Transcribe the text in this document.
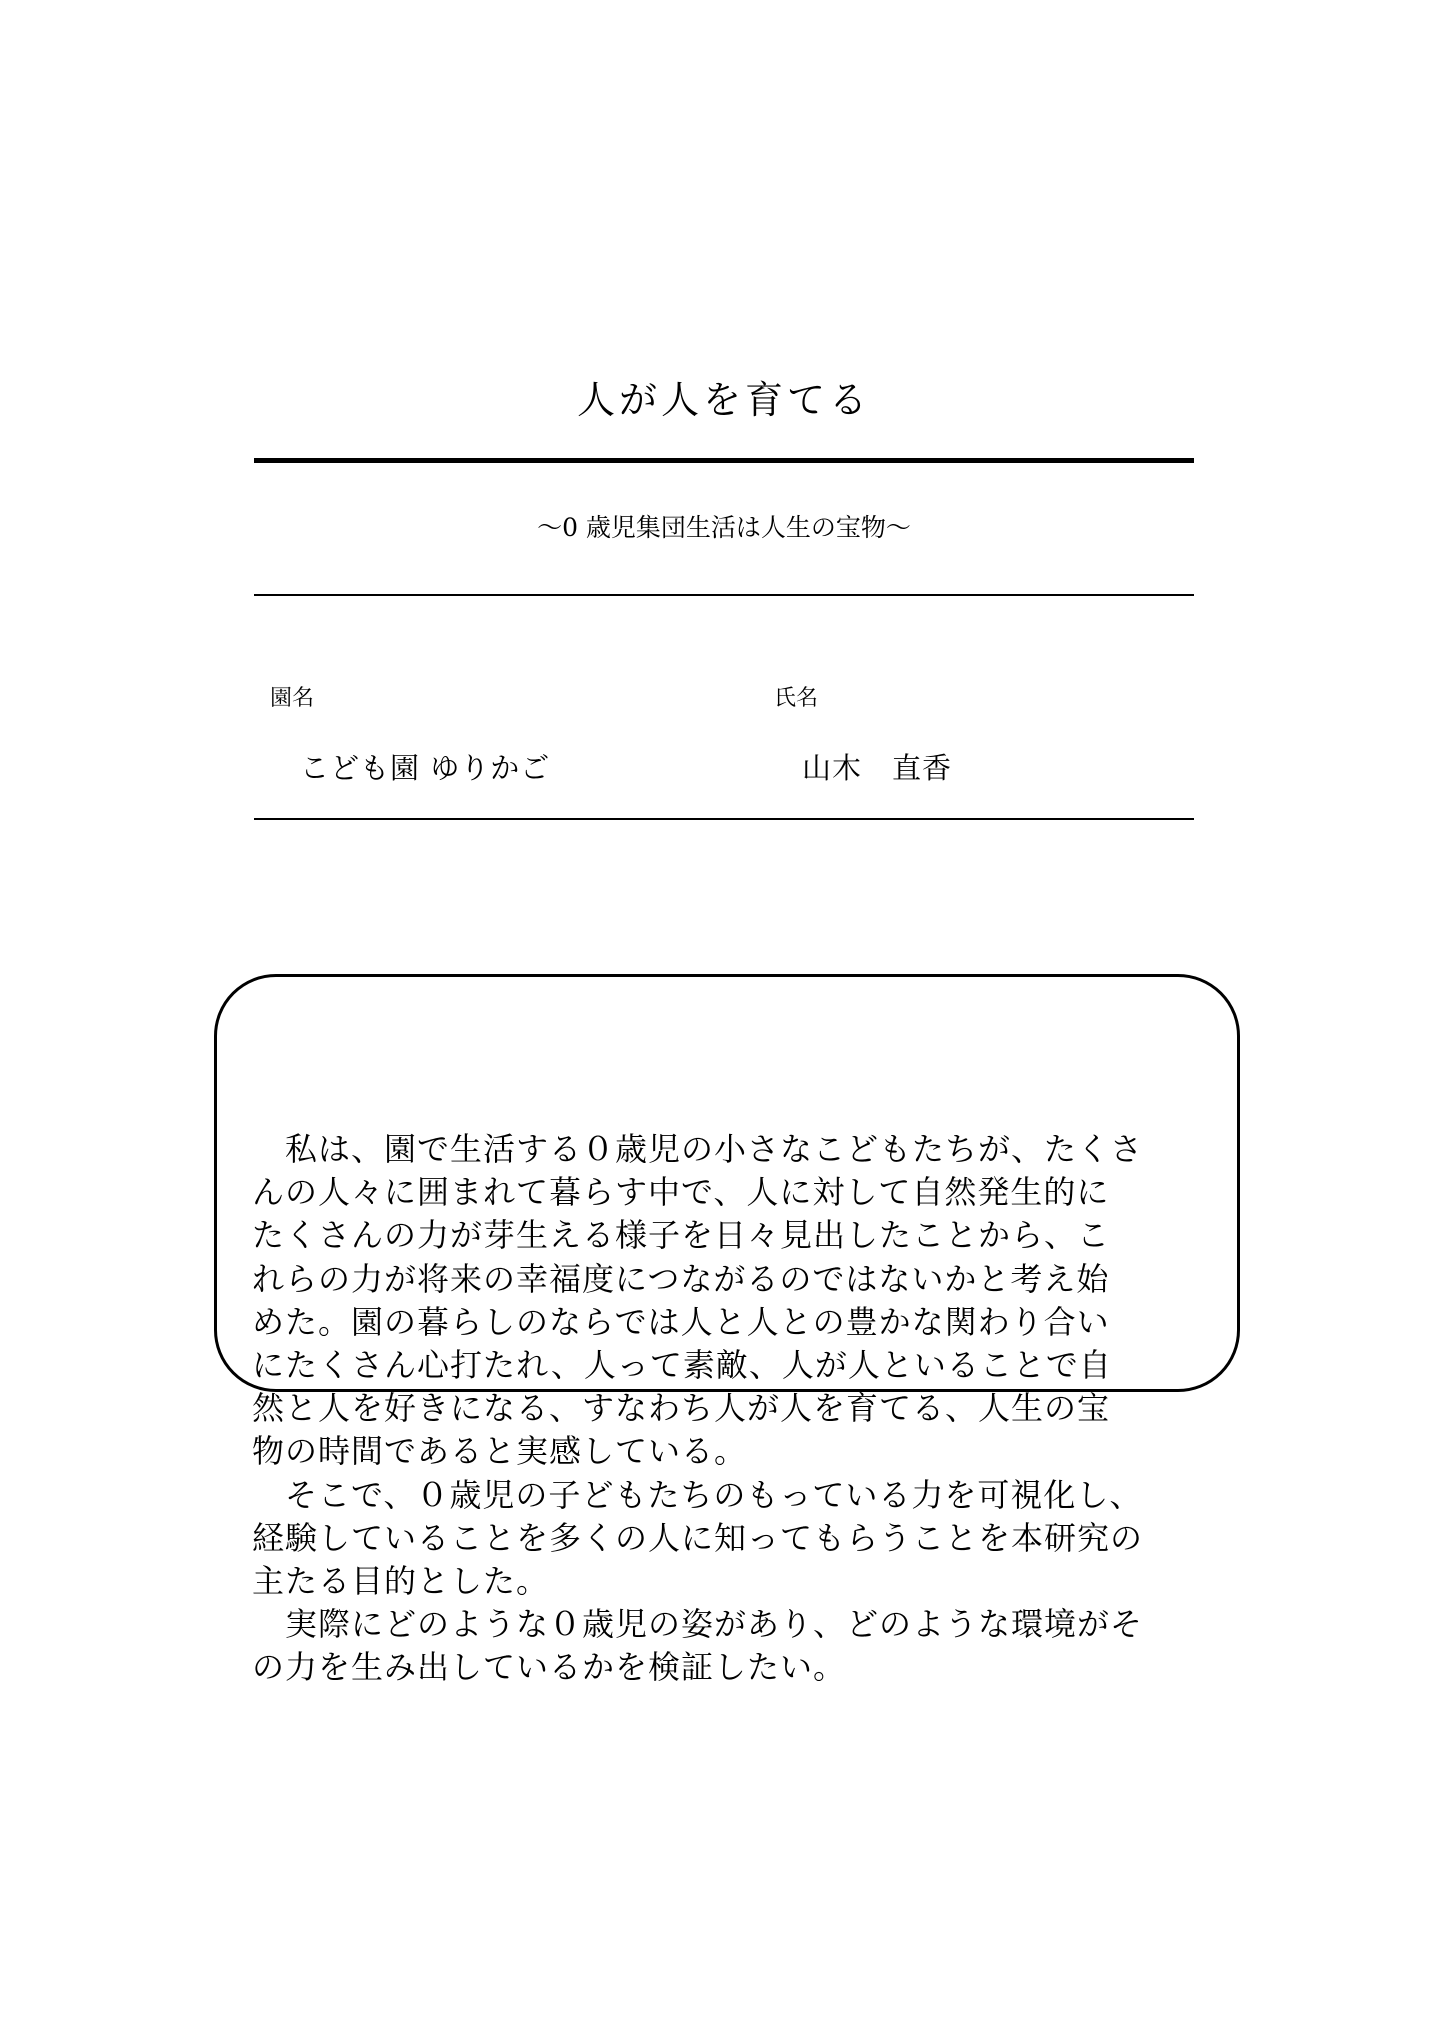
人が人を育てる
〜0 歳児集団生活は人生の宝物〜
園名	氏名
こども園 ゆりかご	山木　直香

　私は、園で生活する０歳児の小さなこどもたちが、たくさ

んの人々に囲まれて暮らす中で、人に対して自然発生的に

たくさんの力が芽生える様子を日々見出したことから、こ

れらの力が将来の幸福度につながるのではないかと考え始

めた。園の暮らしのならでは人と人との豊かな関わり合い

にたくさん心打たれ、人って素敵、人が人といることで自

然と人を好きになる、すなわち人が人を育てる、人生の宝

物の時間であると実感している。

　そこで、０歳児の子どもたちのもっている力を可視化し、

経験していることを多くの人に知ってもらうことを本研究の

主たる目的とした。

　実際にどのような０歳児の姿があり、どのような環境がそ

の力を生み出しているかを検証したい。
